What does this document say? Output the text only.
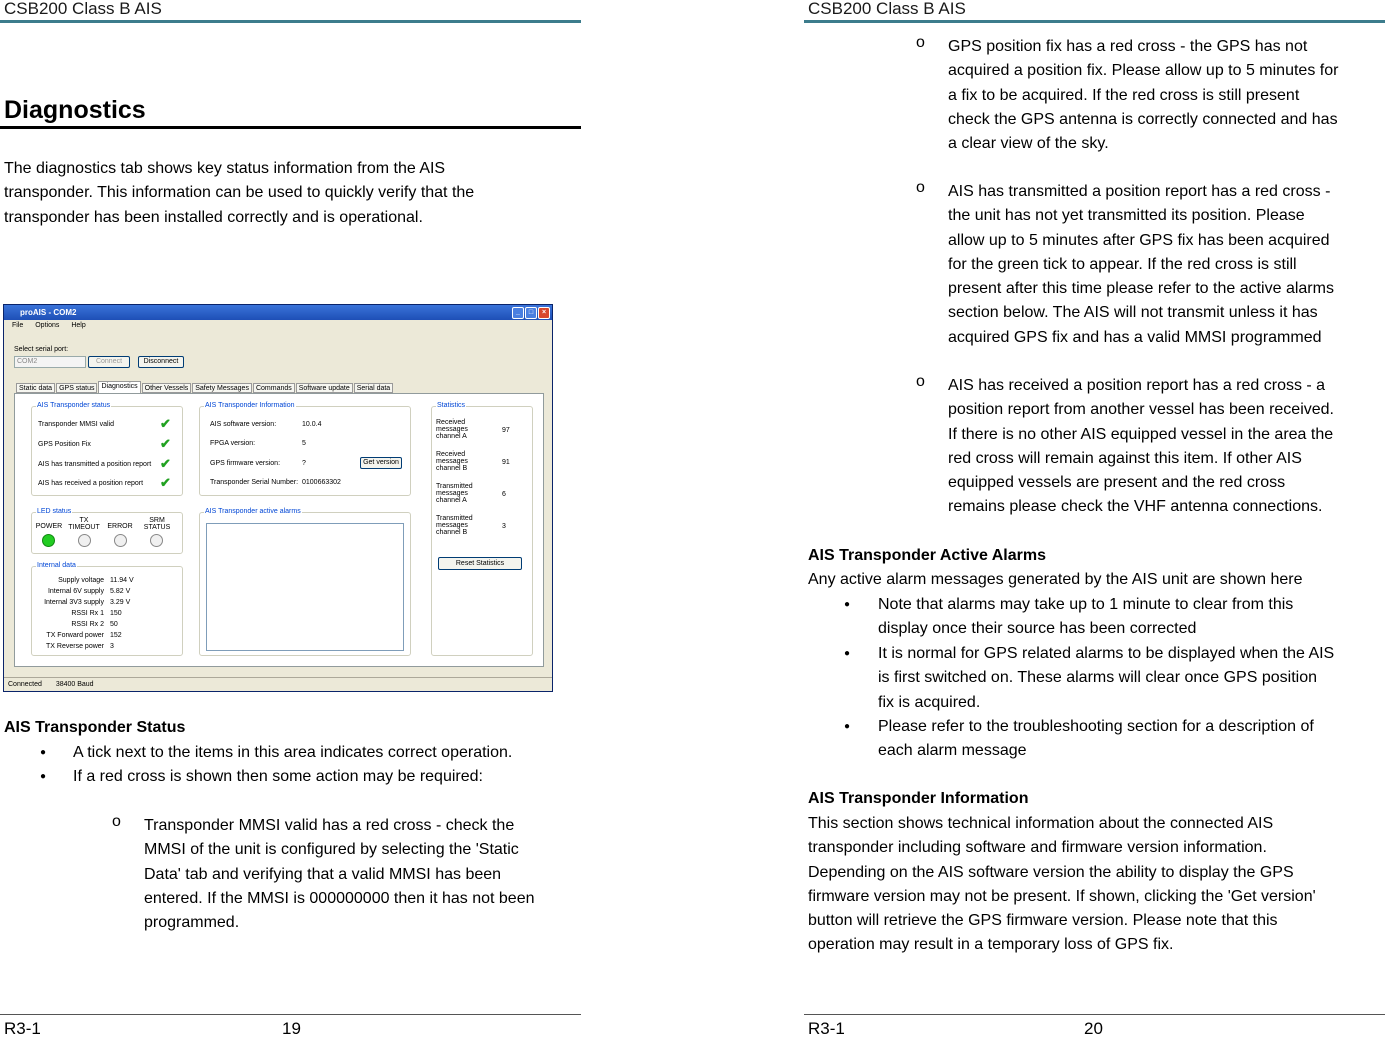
CSB200 Class B AIS
Diagnostics
The diagnostics tab shows key status information from the AIS
transponder. This information can be used to quickly verify that the
transponder has been installed correctly and is operational.
proAIS - COM2	_	□	×
File Options Help
Select serial port:
COM2	Connect	Disconnect
Static data	GPS status	Diagnostics	Other Vessels	Safety Messages	Commands	Software update	Serial data
AIS Transponder status
Transponder MMSI valid	✔
GPS Position Fix	✔
AIS has transmitted a position report ✔
AIS has received a position report ✔
AIS Transponder Information
AIS software version:	10.0.4
FPGA version:	5
GPS firmware version:	?	Get version
Transponder Serial Number: 0100663302
Statistics
Received messages channel A
97
Received messages channel B
91
Transmitted messages channel A
6
Transmitted messages channel B
3
Reset Statistics
LED status
POWER
TX TIMEOUT	ERROR
SRM STATUS
AIS Transponder active alarms
Internal data
Supply voltage 11.94 V
Internal 6V supply 5.82 V
Internal 3V3 supply 3.29 V
RSSI Rx 1 150
RSSI Rx 2 50
TX Forward power 152
TX Reverse power 3
Connected 38400 Baud
AIS Transponder Status
● A tick next to the items in this area indicates correct operation.
● If a red cross is shown then some action may be required:
o Transponder MMSI valid has a red cross - check the
MMSI of the unit is configured by selecting the 'Static
Data' tab and verifying that a valid MMSI has been
entered. If the MMSI is 000000000 then it has not been
programmed.
R3-1	19
CSB200 Class B AIS
o GPS position fix has a red cross - the GPS has not
acquired a position fix. Please allow up to 5 minutes for
a fix to be acquired. If the red cross is still present
check the GPS antenna is correctly connected and has
a clear view of the sky.
o AIS has transmitted a position report has a red cross -
the unit has not yet transmitted its position. Please
allow up to 5 minutes after GPS fix has been acquired
for the green tick to appear. If the red cross is still
present after this time please refer to the active alarms
section below. The AIS will not transmit unless it has
acquired GPS fix and has a valid MMSI programmed
o AIS has received a position report has a red cross - a
position report from another vessel has been received.
If there is no other AIS equipped vessel in the area the
red cross will remain against this item. If other AIS
equipped vessels are present and the red cross
remains please check the VHF antenna connections.
AIS Transponder Active Alarms
Any active alarm messages generated by the AIS unit are shown here
● Note that alarms may take up to 1 minute to clear from this
display once their source has been corrected
● It is normal for GPS related alarms to be displayed when the AIS
is first switched on. These alarms will clear once GPS position
fix is acquired.
● Please refer to the troubleshooting section for a description of
each alarm message
AIS Transponder Information
This section shows technical information about the connected AIS
transponder including software and firmware version information.
Depending on the AIS software version the ability to display the GPS
firmware version may not be present. If shown, clicking the 'Get version'
button will retrieve the GPS firmware version. Please note that this
operation may result in a temporary loss of GPS fix.
R3-1	20
